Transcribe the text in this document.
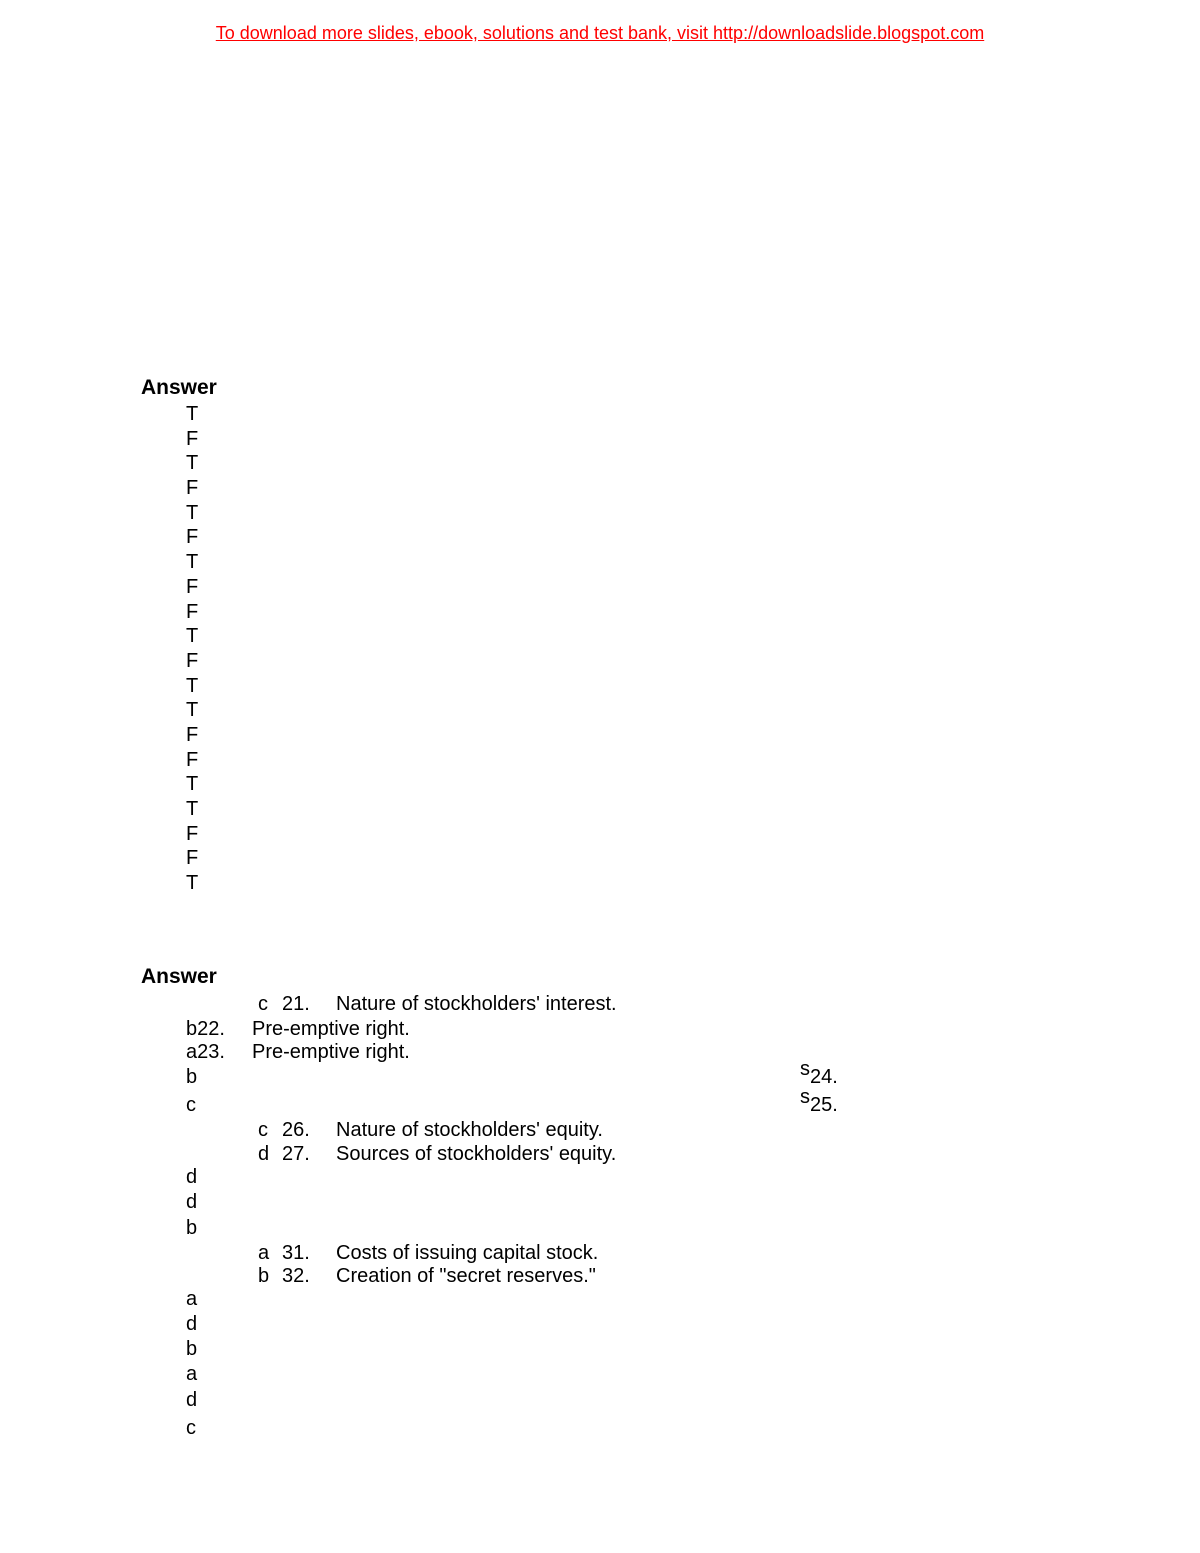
To download more slides, ebook, solutions and test bank, visit http://downloadslide.blogspot.com
Answer
T
F
T
F
T
F
T
F
F
T
F
T
T
F
F
T
T
F
F
T
Answer
c 21. Nature of stockholders' interest.
b22. Pre-emptive right.
a23. Pre-emptive right.
b	s24.
c	s25.
c 26. Nature of stockholders' equity.
d 27. Sources of stockholders' equity.
d
d
b
a 31. Costs of issuing capital stock.
b 32. Creation of "secret reserves."
a
d
b
a
d
c
